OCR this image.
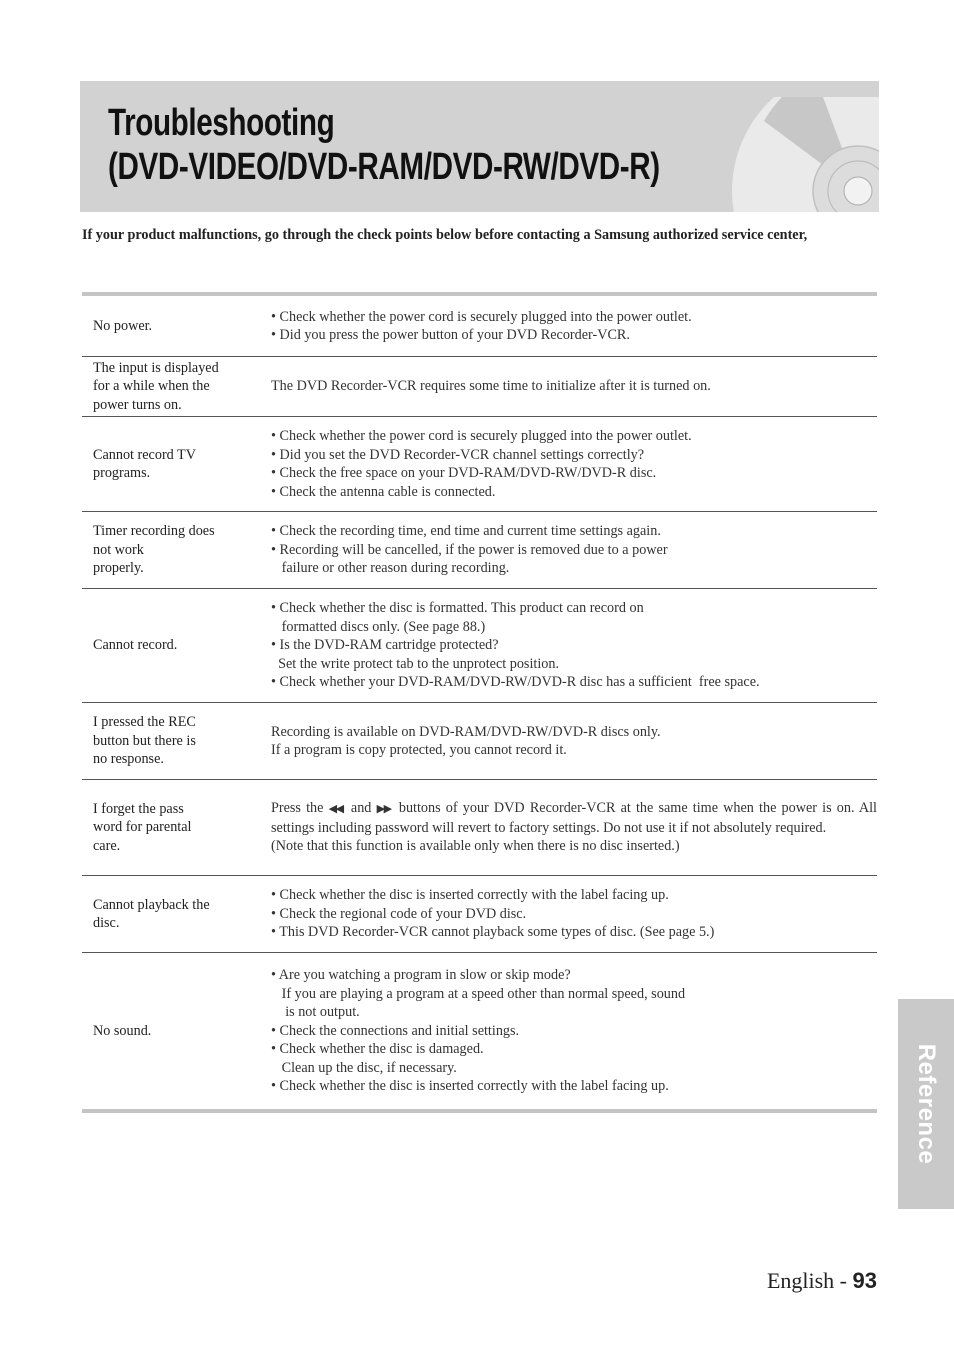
Troubleshooting
(DVD-VIDEO/DVD-RAM/DVD-RW/DVD-R)

If your product malfunctions, go through the check points below before contacting a Samsung authorized service center,

No power.
• Check whether the power cord is securely plugged into the power outlet.
• Did you press the power button of your DVD Recorder-VCR.
The input is displayed
for a while when the
power turns on.
The DVD Recorder-VCR requires some time to initialize after it is turned on.
Cannot record TV
programs.
• Check whether the power cord is securely plugged into the power outlet.
• Did you set the DVD Recorder-VCR channel settings correctly?
• Check the free space on your DVD-RAM/DVD-RW/DVD-R disc.
• Check the antenna cable is connected.
Timer recording does
not work
properly.
• Check the recording time, end time and current time settings again.
• Recording will be cancelled, if the power is removed due to a power
failure or other reason during recording.
Cannot record.
• Check whether the disc is formatted. This product can record on
formatted discs only. (See page 88.)
• Is the DVD-RAM cartridge protected?
Set the write protect tab to the unprotect position.
• Check whether your DVD-RAM/DVD-RW/DVD-R disc has a sufficient  free space.
I pressed the REC
button but there is
no response.
Recording is available on DVD-RAM/DVD-RW/DVD-R discs only.
If a program is copy protected, you cannot record it.
I forget the pass
word for parental
care.
Press the ◀◀ and ▶▶ buttons of your DVD Recorder-VCR at the same time when the power is on. All settings including password will revert to factory settings. Do not use it if not absolutely required.
(Note that this function is available only when there is no disc inserted.)
Cannot playback the
disc.
• Check whether the disc is inserted correctly with the label facing up.
• Check the regional code of your DVD disc.
• This DVD Recorder-VCR cannot playback some types of disc. (See page 5.)
No sound.
• Are you watching a program in slow or skip mode?
If you are playing a program at a speed other than normal speed, sound
is not output.
• Check the connections and initial settings.
• Check whether the disc is damaged.
Clean up the disc, if necessary.
• Check whether the disc is inserted correctly with the label facing up.	Reference
English - 93
